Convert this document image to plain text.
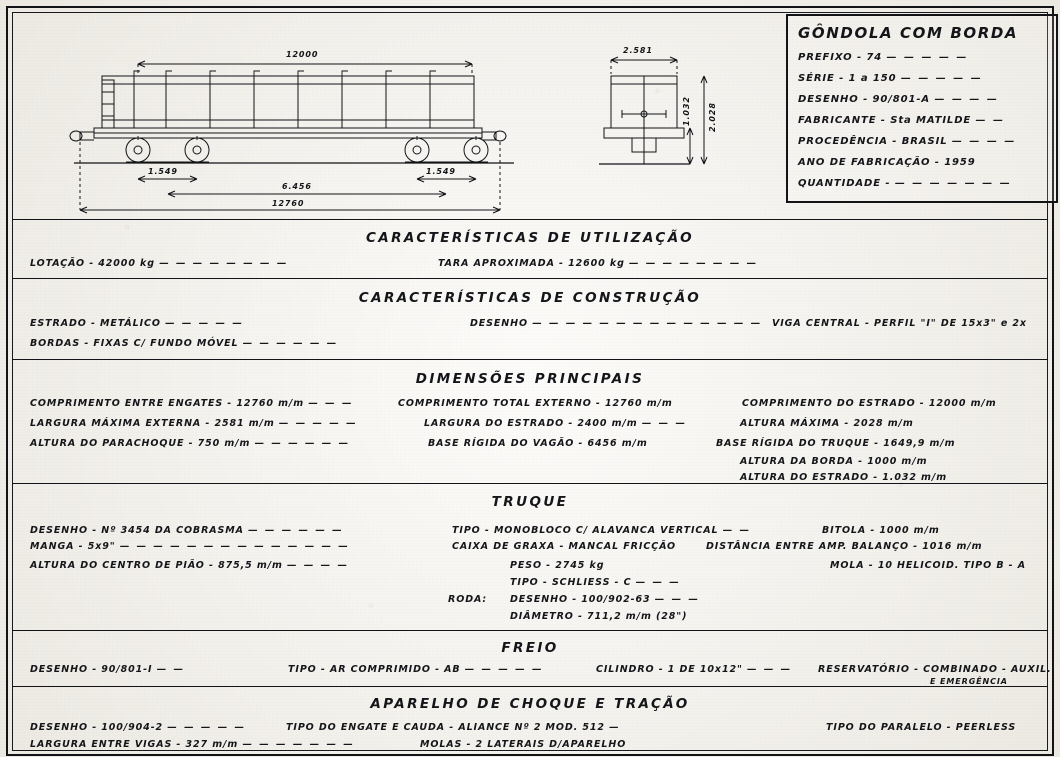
12000
1.549	1.549
6.456
12760
2.581
1.032 2.028
GÔNDOLA COM BORDA
PREFIXO - 74 — — — — —
SÉRIE - 1 a 150 — — — — —
DESENHO - 90/801-A — — — —
FABRICANTE - Sta MATILDE — —
PROCEDÊNCIA - BRASIL — — — —
ANO DE FABRICAÇÃO - 1959
QUANTIDADE - — — — — — — —
CARACTERÍSTICAS DE UTILIZAÇÃO
LOTAÇÃO - 42000 kg — — — — — — — —	TARA APROXIMADA - 12600 kg — — — — — — — —
CARACTERÍSTICAS DE CONSTRUÇÃO
ESTRADO - METÁLICO — — — — —	DESENHO — — — — — — — — — — — — — — VIGA CENTRAL - PERFIL "I" DE 15x3" e 2x
BORDAS - FIXAS C/ FUNDO MÓVEL — — — — — —
DIMENSÕES PRINCIPAIS
COMPRIMENTO ENTRE ENGATES - 12760 m/m — — —	COMPRIMENTO TOTAL EXTERNO - 12760 m/m	COMPRIMENTO DO ESTRADO - 12000 m/m
LARGURA MÁXIMA EXTERNA - 2581 m/m — — — — —	LARGURA DO ESTRADO - 2400 m/m — — —	ALTURA MÁXIMA - 2028 m/m
ALTURA DO PARACHOQUE - 750 m/m — — — — — —	BASE RÍGIDA DO VAGÃO - 6456 m/m	BASE RÍGIDA DO TRUQUE - 1649,9 m/m
ALTURA DA BORDA - 1000 m/m
ALTURA DO ESTRADO - 1.032 m/m
TRUQUE
DESENHO - Nº 3454 DA COBRASMA — — — — — —	TIPO - MONOBLOCO C/ ALAVANCA VERTICAL — —	BITOLA - 1000 m/m
MANGA - 5x9" — — — — — — — — — — — — — —	CAIXA DE GRAXA - MANCAL FRICÇÃO	DISTÂNCIA ENTRE AMP. BALANÇO - 1016 m/m
ALTURA DO CENTRO DE PIÃO - 875,5 m/m — — — —	PESO - 2745 kg	MOLA - 10 HELICOID. TIPO B - A
TIPO - SCHLIESS - C — — —
RODA: DESENHO - 100/902-63 — — —
DIÂMETRO - 711,2 m/m (28")
FREIO
DESENHO - 90/801-I — —	TIPO - AR COMPRIMIDO - AB — — — — —	CILINDRO - 1 DE 10x12" — — —	RESERVATÓRIO - COMBINADO - AUXIL.
E EMERGÊNCIA
APARELHO DE CHOQUE E TRAÇÃO
DESENHO - 100/904-2 — — — — —	TIPO DO ENGATE E CAUDA - ALIANCE Nº 2 MOD. 512 —	TIPO DO PARALELO - PEERLESS
LARGURA ENTRE VIGAS - 327 m/m — — — — — — —	MOLAS - 2 LATERAIS D/APARELHO
